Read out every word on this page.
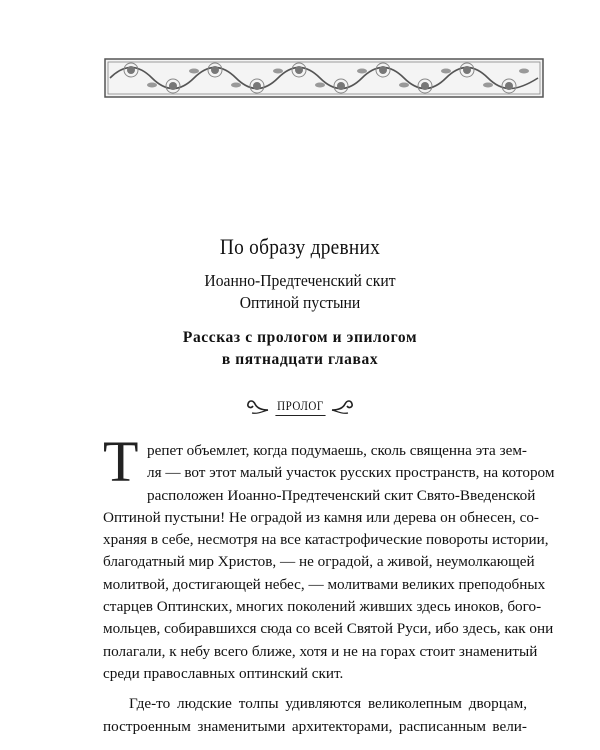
По образу древних
Иоанно-Предтеченский скит
Оптиной пустыни
Рассказ с прологом и эпилогом
в пятнадцати главах
ПРОЛОГ
Т репет объемлет, когда подумаешь, сколь священна эта зем-
ля — вот этот малый участок русских пространств, на котором
расположен Иоанно-Предтеченский скит Свято-Введенской
Оптиной пустыни! Не оградой из камня или дерева он обнесен, со-
храняя в себе, несмотря на все катастрофические повороты истории,
благодатный мир Христов, — не оградой, а живой, неумолкающей
молитвой, достигающей небес, — молитвами великих преподобных
старцев Оптинских, многих поколений живших здесь иноков, бого-
мольцев, собиравшихся сюда со всей Святой Руси, ибо здесь, как они
полагали, к небу всего ближе, хотя и не на горах стоит знаменитый
среди православных оптинский скит.
Где-то людские толпы удивляются великолепным дворцам,
построенным знаменитыми архитекторами, расписанным вели-
